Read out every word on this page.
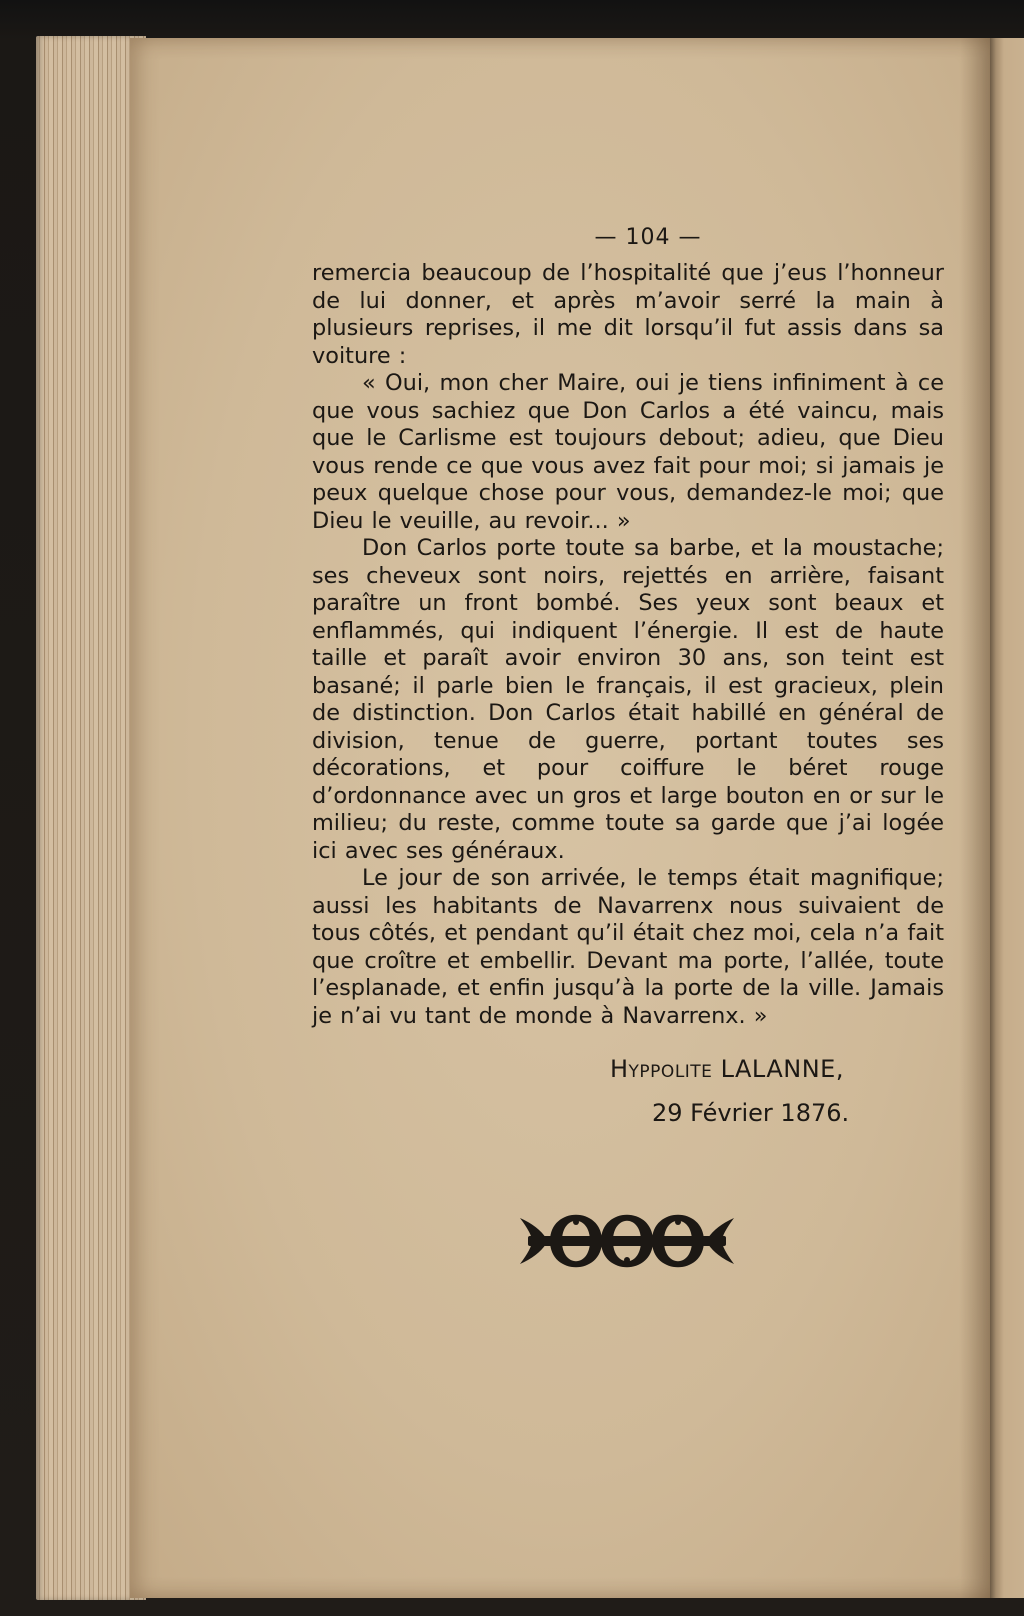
— 104 —

remercia beaucoup de l’hospitalité que j’eus l’honneur de lui donner, et après m’avoir serré la main à plusieurs reprises, il me dit lorsqu’il fut assis dans sa voiture :

« Oui, mon cher Maire, oui je tiens infiniment à ce que vous sachiez que Don Carlos a été vaincu, mais que le Carlisme est toujours debout; adieu, que Dieu vous rende ce que vous avez fait pour moi; si jamais je peux quelque chose pour vous, demandez-le moi; que Dieu le veuille, au revoir... »

Don Carlos porte toute sa barbe, et la moustache; ses cheveux sont noirs, rejettés en arrière, faisant paraître un front bombé. Ses yeux sont beaux et enflammés, qui indiquent l’énergie. Il est de haute taille et paraît avoir environ 30 ans, son teint est basané; il parle bien le français, il est gracieux, plein de distinction. Don Carlos était habillé en général de division, tenue de guerre, portant toutes ses décorations, et pour coiffure le béret rouge d’ordonnance avec un gros et large bouton en or sur le milieu; du reste, comme toute sa garde que j’ai logée ici avec ses généraux.

Le jour de son arrivée, le temps était magnifique; aussi les habitants de Navarrenx nous suivaient de tous côtés, et pendant qu’il était chez moi, cela n’a fait que croître et embellir. Devant ma porte, l’allée, toute l’esplanade, et enfin jusqu’à la porte de la ville. Jamais je n’ai vu tant de monde à Navarrenx. »

Hyppolite LALANNE,
29 Février 1876.
